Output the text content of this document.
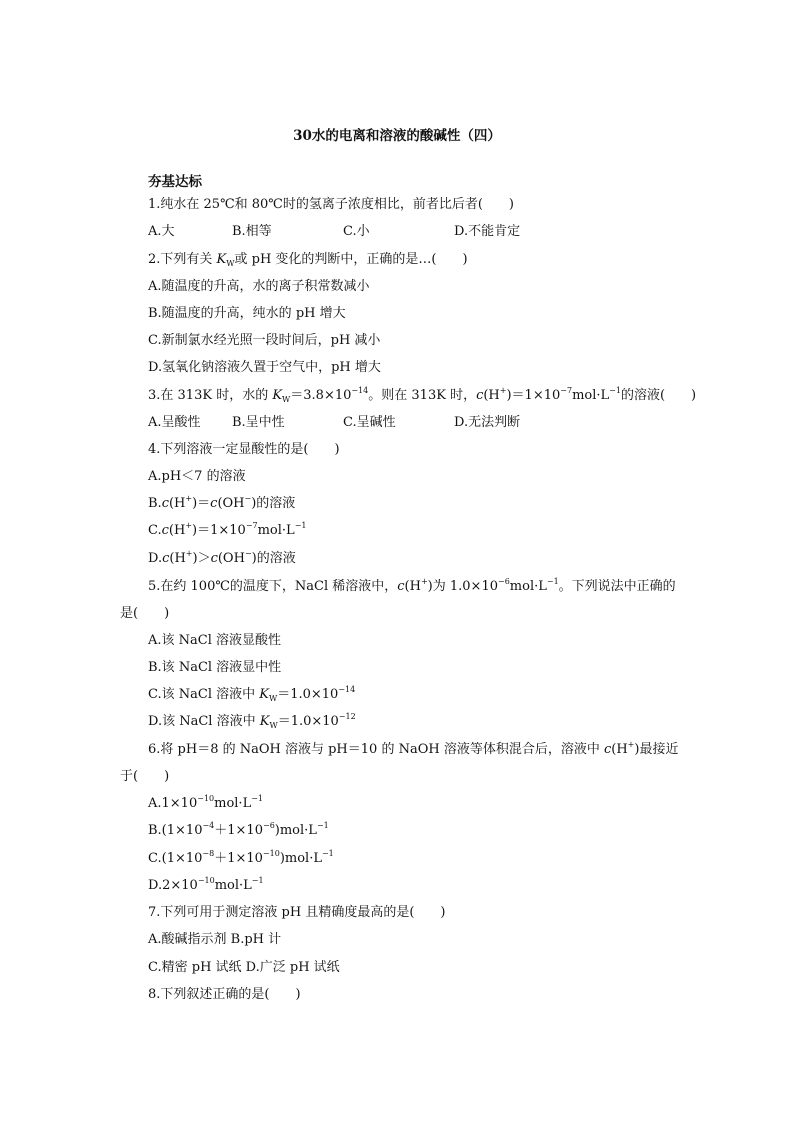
30水的电离和溶液的酸碱性（四）
夯基达标
1.纯水在 25℃和 80℃时的氢离子浓度相比，前者比后者(　　)
A.大	B.相等	C.小	D.不能肯定
2.下列有关 $K_W$或 pH 变化的判断中，正确的是…(　　)
A.随温度的升高，水的离子积常数减小
B.随温度的升高，纯水的 pH 增大
C.新制氯水经光照一段时间后，pH 减小
D.氢氧化钠溶液久置于空气中，pH 增大
3.在 313K 时，水的 $K_W=3.8\times 10^{-14}$。则在 313K 时，$c(H^+)=1\times 10^{-7}mol\cdot L^{-1}$的溶液(　　)
A.呈酸性 B.呈中性	C.呈碱性	D.无法判断
4.下列溶液一定显酸性的是(　　)
A.pH＜7 的溶液
B.c(H+)＝c(OH−)的溶液
$C.c(H^+)=1\times 10^{-7}mol\cdot L^{-1}$
D.c(H+)＞c(OH−)的溶液
5.在约 100℃的温度下，NaCl 稀溶液中，c(H+)为 $1.0\times 10^{-6}mol\cdot L^{-1}$。下列说法中正确的
是(　　)
A.该 NaCl 溶液显酸性
B.该 NaCl 溶液显中性
C.该 NaCl 溶液中 $K_W=1.0\times 10^{-14}$
D.该 NaCl 溶液中 $K_W=1.0\times 10^{-12}$
6.将 pH＝8 的 NaOH 溶液与 pH＝10 的 NaOH 溶液等体积混合后，溶液中 c(H+)最接近
于(　　)
$A.1\times 10^{-10}mol\cdot L^{-1}$
$B.(1\times 10^{-4}+1\times 10^{-6})mol\cdot L^{-1}$
$C.(1\times 10^{-8}+1\times 10^{-10})mol\cdot L^{-1}$
$D.2\times 10^{-10}mol\cdot L^{-1}$
7.下列可用于测定溶液 pH 且精确度最高的是(　　)
A.酸碱指示剂 B.pH 计
C.精密 pH 试纸 D.广泛 pH 试纸
8.下列叙述正确的是(　　)
